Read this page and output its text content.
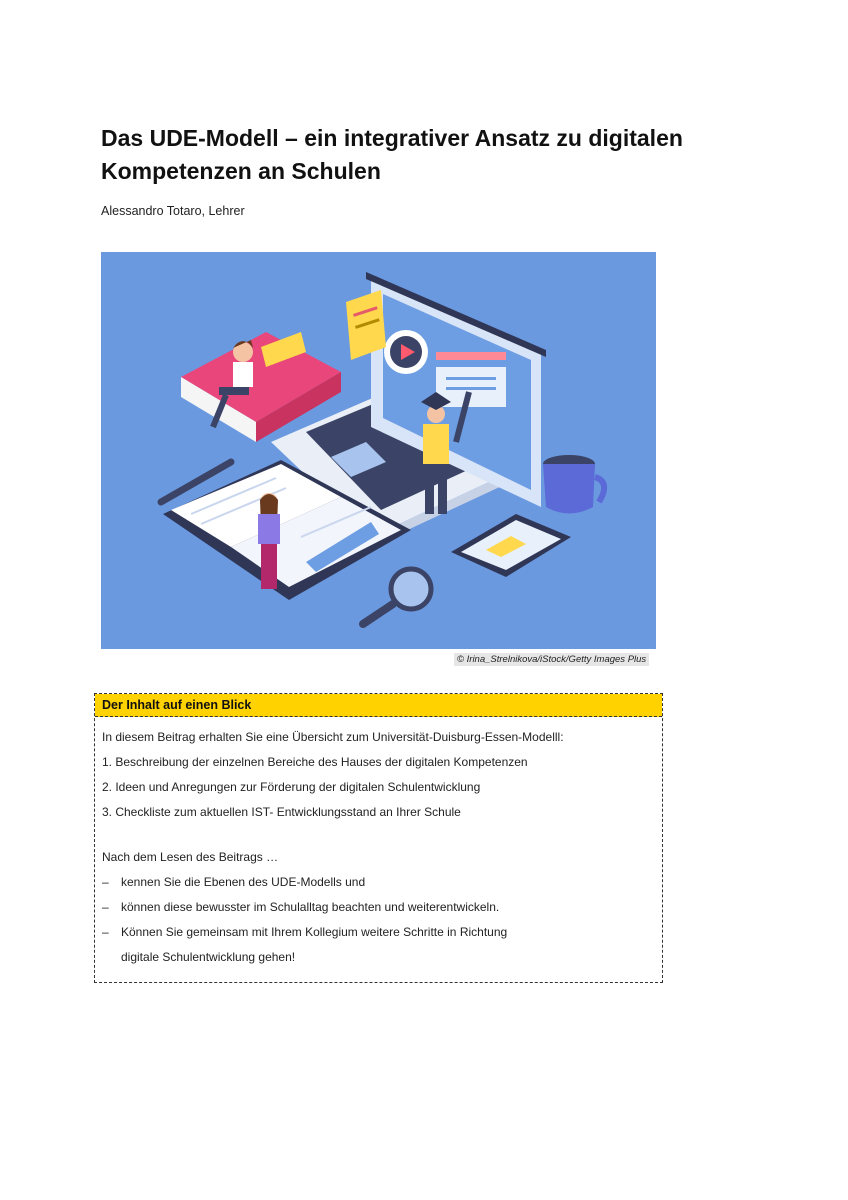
Das UDE-Modell – ein integrativer Ansatz zu digitalen Kompetenzen an Schulen
Alessandro Totaro, Lehrer
© Irina_Strelnikova/iStock/Getty Images Plus
Der Inhalt auf einen Blick
In diesem Beitrag erhalten Sie eine Übersicht zum Universität-Duisburg-Essen-Modelll:
1. Beschreibung der einzelnen Bereiche des Hauses der digitalen Kompetenzen
2. Ideen und Anregungen zur Förderung der digitalen Schulentwicklung
3. Checkliste zum aktuellen IST- Entwicklungsstand an Ihrer Schule
Nach dem Lesen des Beitrags …
–	kennen Sie die Ebenen des UDE-Modells und
–	können diese bewusster im Schulalltag beachten und weiterentwickeln.
–	Können Sie gemeinsam mit Ihrem Kollegium weitere Schritte in Richtung
digitale Schulentwicklung gehen!
